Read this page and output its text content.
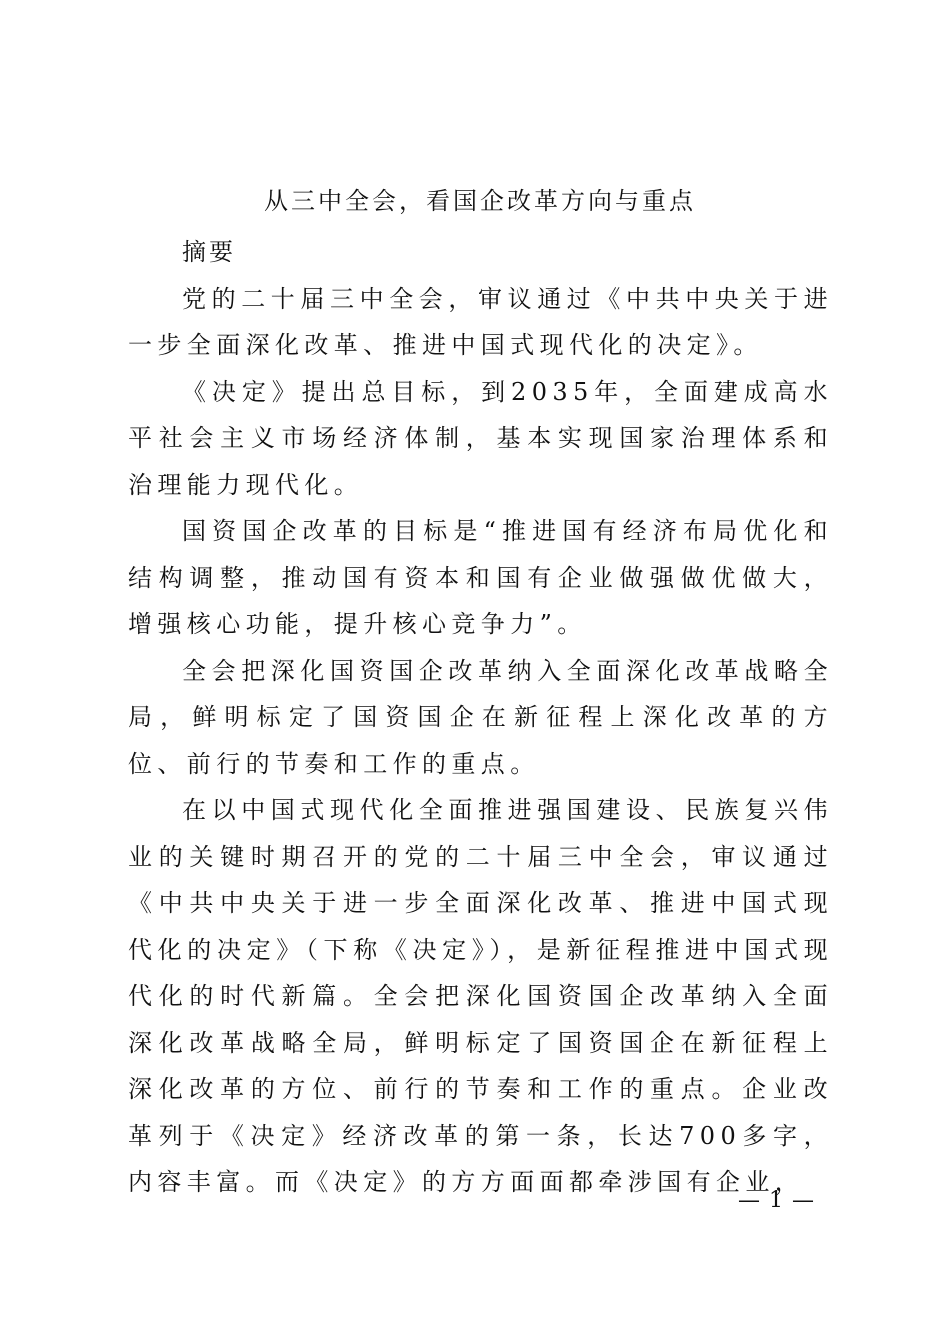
从三中全会，看国企改革方向与重点

摘要

党的二十届三中全会，审议通过《中共中央关于进一步全面深化改革、推进中国式现代化的决定》。

《决定》提出总目标，到2035年，全面建成高水平社会主义市场经济体制，基本实现国家治理体系和治理能力现代化。

国资国企改革的目标是“推进国有经济布局优化和结构调整，推动国有资本和国有企业做强做优做大，增强核心功能，提升核心竞争力”。

全会把深化国资国企改革纳入全面深化改革战略全局，鲜明标定了国资国企在新征程上深化改革的方位、前行的节奏和工作的重点。

在以中国式现代化全面推进强国建设、民族复兴伟业的关键时期召开的党的二十届三中全会，审议通过《中共中央关于进一步全面深化改革、推进中国式现代化的决定》（下称《决定》），是新征程推进中国式现代化的时代新篇。全会把深化国资国企改革纳入全面深化改革战略全局，鲜明标定了国资国企在新征程上深化改革的方位、前行的节奏和工作的重点。企业改革列于《决定》经济改革的第一条，长达700多字，内容丰富。而《决定》的方方面面都牵涉国有企业，

— 1 —
